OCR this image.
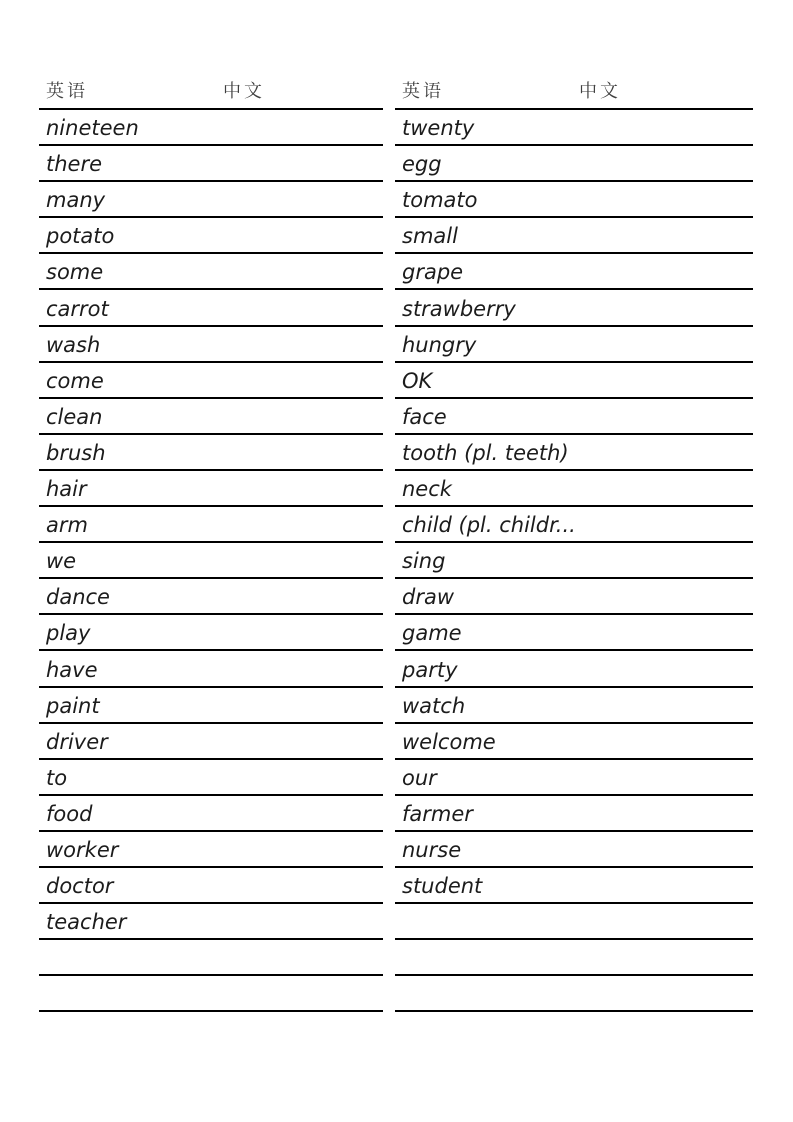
英语	中文
nineteen
there
many
potato
some
carrot
wash
come
clean
brush
hair
arm
we
dance
play
have
paint
driver
to
food
worker
doctor
teacher
英语	中文
twenty
egg
tomato
small
grape
strawberry
hungry
OK
face
tooth (pl. teeth)
neck
child (pl. childr...
sing
draw
game
party
watch
welcome
our
farmer
nurse
student
